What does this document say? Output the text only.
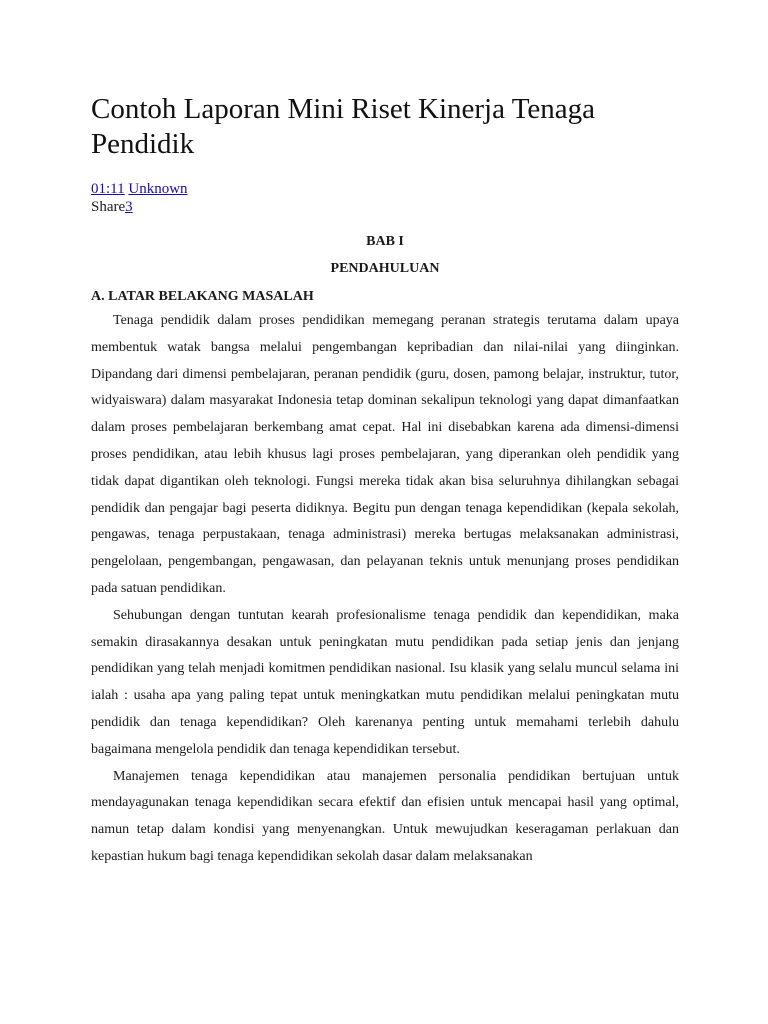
Contoh Laporan Mini Riset Kinerja Tenaga Pendidik
01:11 Unknown
Share3
BAB I
PENDAHULUAN
A. LATAR BELAKANG MASALAH

Tenaga pendidik dalam proses pendidikan memegang peranan strategis terutama dalam upaya membentuk watak bangsa melalui pengembangan kepribadian dan nilai-nilai yang diinginkan. Dipandang dari dimensi pembelajaran, peranan pendidik (guru, dosen, pamong belajar, instruktur, tutor, widyaiswara) dalam masyarakat Indonesia tetap dominan sekalipun teknologi yang dapat dimanfaatkan dalam proses pembelajaran berkembang amat cepat. Hal ini disebabkan karena ada dimensi-dimensi proses pendidikan, atau lebih khusus lagi proses pembelajaran, yang diperankan oleh pendidik yang tidak dapat digantikan oleh teknologi. Fungsi mereka tidak akan bisa seluruhnya dihilangkan sebagai pendidik dan pengajar bagi peserta didiknya. Begitu pun dengan tenaga kependidikan (kepala sekolah, pengawas, tenaga perpustakaan, tenaga administrasi) mereka bertugas melaksanakan administrasi, pengelolaan, pengembangan, pengawasan, dan pelayanan teknis untuk menunjang proses pendidikan pada satuan pendidikan.

Sehubungan dengan tuntutan kearah profesionalisme tenaga pendidik dan kependidikan, maka semakin dirasakannya desakan untuk peningkatan mutu pendidikan pada setiap jenis dan jenjang pendidikan yang telah menjadi komitmen pendidikan nasional. Isu klasik yang selalu muncul selama ini ialah : usaha apa yang paling tepat untuk meningkatkan mutu pendidikan melalui peningkatan mutu pendidik dan tenaga kependidikan? Oleh karenanya penting untuk memahami terlebih dahulu bagaimana mengelola pendidik dan tenaga kependidikan tersebut.

Manajemen tenaga kependidikan atau manajemen personalia pendidikan bertujuan untuk mendayagunakan tenaga kependidikan secara efektif dan efisien untuk mencapai hasil yang optimal, namun tetap dalam kondisi yang menyenangkan. Untuk mewujudkan keseragaman perlakuan dan kepastian hukum bagi tenaga kependidikan sekolah dasar dalam melaksanakan
